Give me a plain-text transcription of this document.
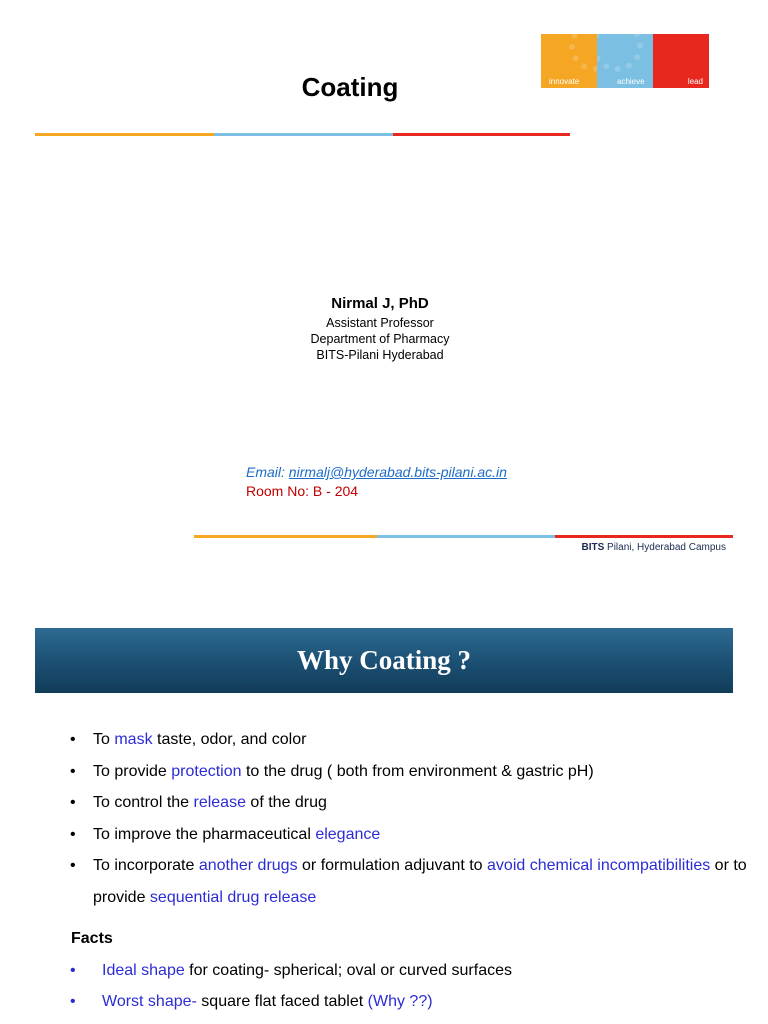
Coating	innovate	achieve	lead
Nirmal J, PhD
Assistant Professor
Department of Pharmacy
BITS-Pilani Hyderabad
Email: nirmalj@hyderabad.bits-pilani.ac.in
Room No: B - 204
BITS Pilani, Hyderabad Campus
Why Coating ?
• To mask taste, odor, and color
• To provide protection to the drug ( both from environment & gastric pH)
• To control the release of the drug
• To improve the pharmaceutical elegance
• To incorporate another drugs or formulation adjuvant to avoid chemical incompatibilities or to provide sequential drug release
Facts
• Ideal shape for coating- spherical; oval or curved surfaces
• Worst shape- square flat faced tablet (Why ??)
